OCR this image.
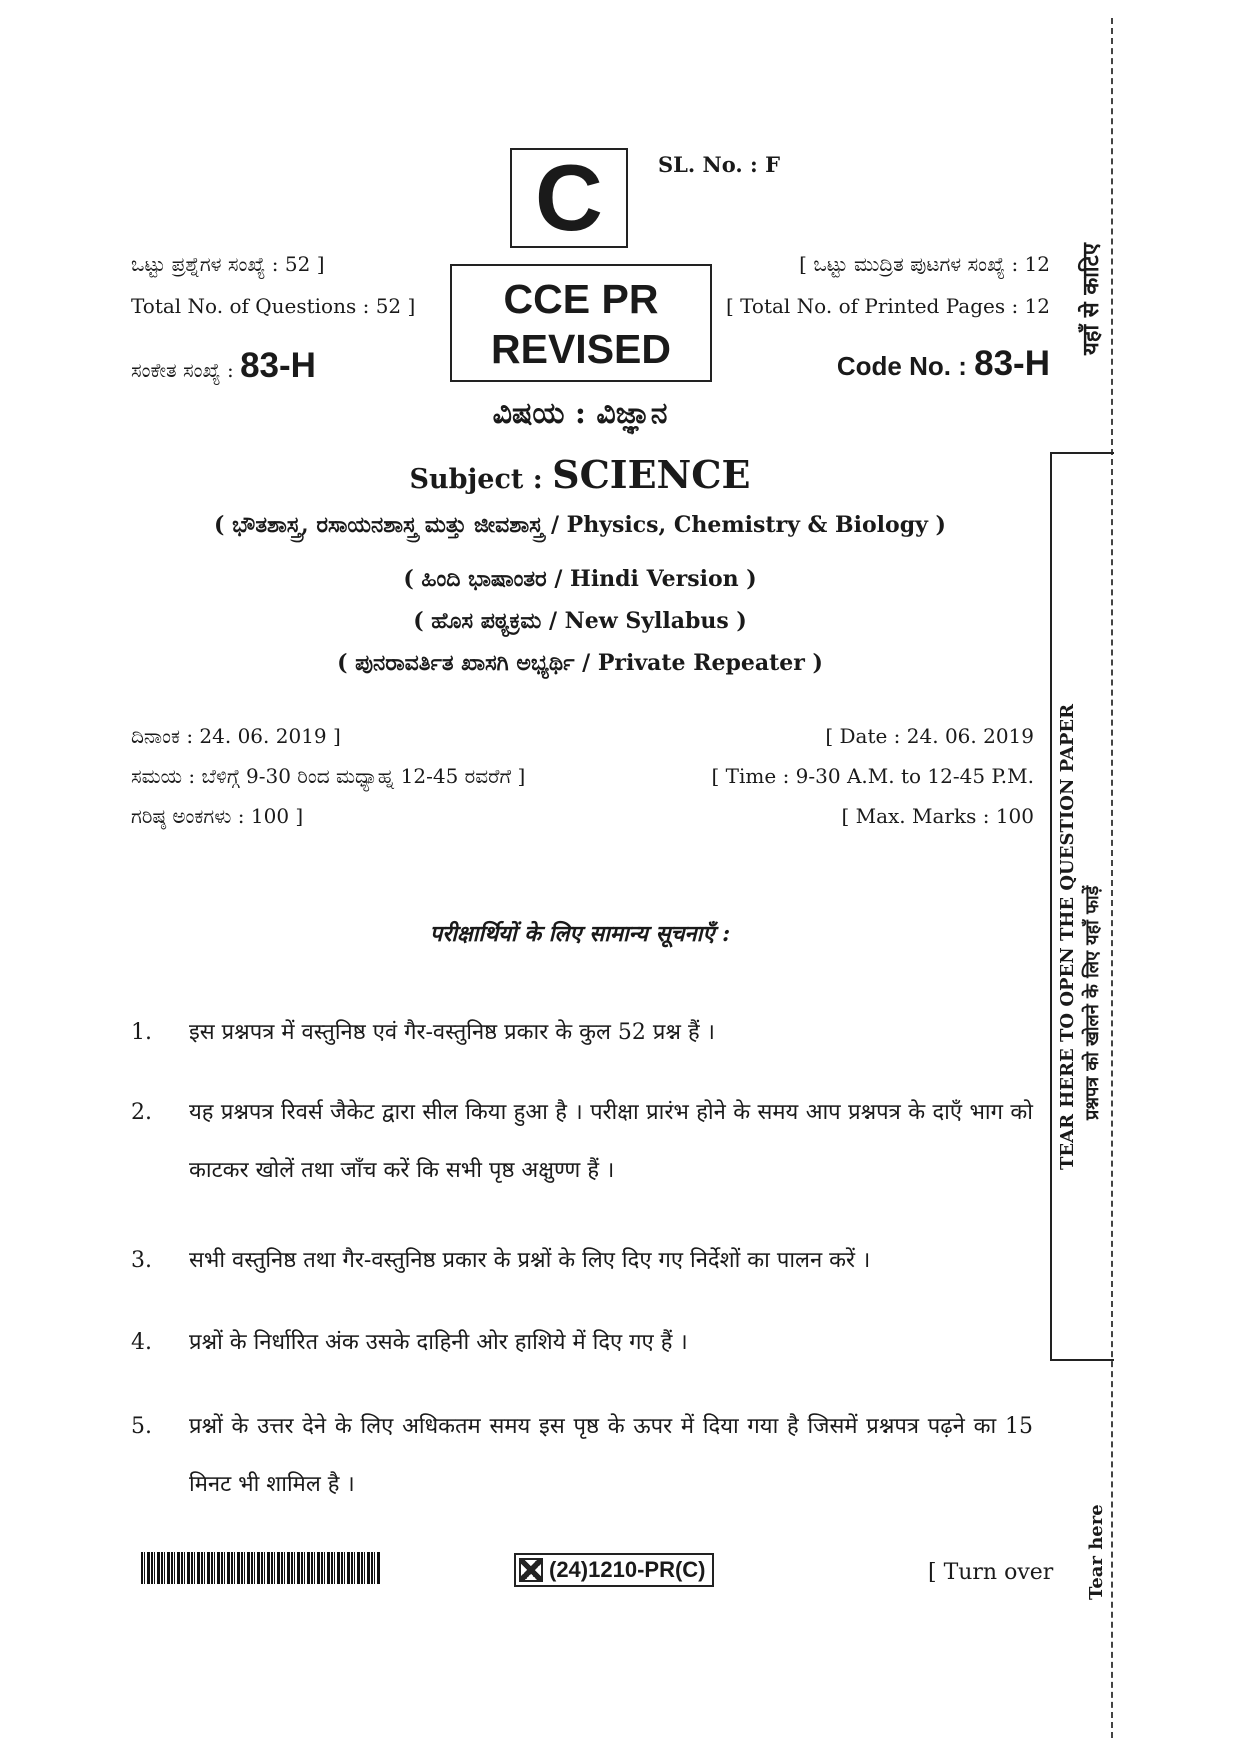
C	SL. No. : F
ಒಟ್ಟು ಪ್ರಶ್ನೆಗಳ ಸಂಖ್ಯೆ : 52 ]
Total No. of Questions : 52 ]
[ ಒಟ್ಟು ಮುದ್ರಿತ ಪುಟಗಳ ಸಂಖ್ಯೆ : 12
[ Total No. of Printed Pages : 12
CCE PR
REVISED
ಸಂಕೇತ ಸಂಖ್ಯೆ : 83-H	Code No. : 83-H
ವಿಷಯ : ವಿಜ್ಞಾನ
Subject : SCIENCE
( ಭೌತಶಾಸ್ತ್ರ, ರಸಾಯನಶಾಸ್ತ್ರ ಮತ್ತು ಜೀವಶಾಸ್ತ್ರ / Physics, Chemistry & Biology )
( ಹಿಂದಿ ಭಾಷಾಂತರ / Hindi Version )
( ಹೊಸ ಪಠ್ಯಕ್ರಮ / New Syllabus )
( ಪುನರಾವರ್ತಿತ ಖಾಸಗಿ ಅಭ್ಯರ್ಥಿ / Private Repeater )
ದಿನಾಂಕ : 24. 06. 2019 ]	[ Date : 24. 06. 2019
ಸಮಯ : ಬೆಳಿಗ್ಗೆ 9-30 ರಿಂದ ಮಧ್ಯಾಹ್ನ 12-45 ರವರೆಗೆ ]	[ Time : 9-30 A.M. to 12-45 P.M.
ಗರಿಷ್ಠ ಅಂಕಗಳು : 100 ]	[ Max. Marks : 100
परीक्षार्थियों के लिए सामान्य सूचनाएँ :
1.	इस प्रश्नपत्र में वस्तुनिष्ठ एवं गैर-वस्तुनिष्ठ प्रकार के कुल 52 प्रश्न हैं ।
2.	यह प्रश्नपत्र रिवर्स जैकेट द्वारा सील किया हुआ है । परीक्षा प्रारंभ होने के समय आप प्रश्नपत्र के दाएँ भाग को काटकर खोलें तथा जाँच करें कि सभी पृष्ठ अक्षुण्ण हैं ।
3.	सभी वस्तुनिष्ठ तथा गैर-वस्तुनिष्ठ प्रकार के प्रश्नों के लिए दिए गए निर्देशों का पालन करें ।
4.	प्रश्नों के निर्धारित अंक उसके दाहिनी ओर हाशिये में दिए गए हैं ।
5.	प्रश्नों के उत्तर देने के लिए अधिकतम समय इस पृष्ठ के ऊपर में दिया गया है जिसमें प्रश्नपत्र पढ़ने का 15 मिनट भी शामिल है ।
(24)1210-PR(C)	[ Turn over
यहाँ से काटिए
TEAR HERE TO OPEN THE QUESTION PAPER प्रश्नपत्र को खोलने के लिए यहाँ फाड़ें
Tear here
